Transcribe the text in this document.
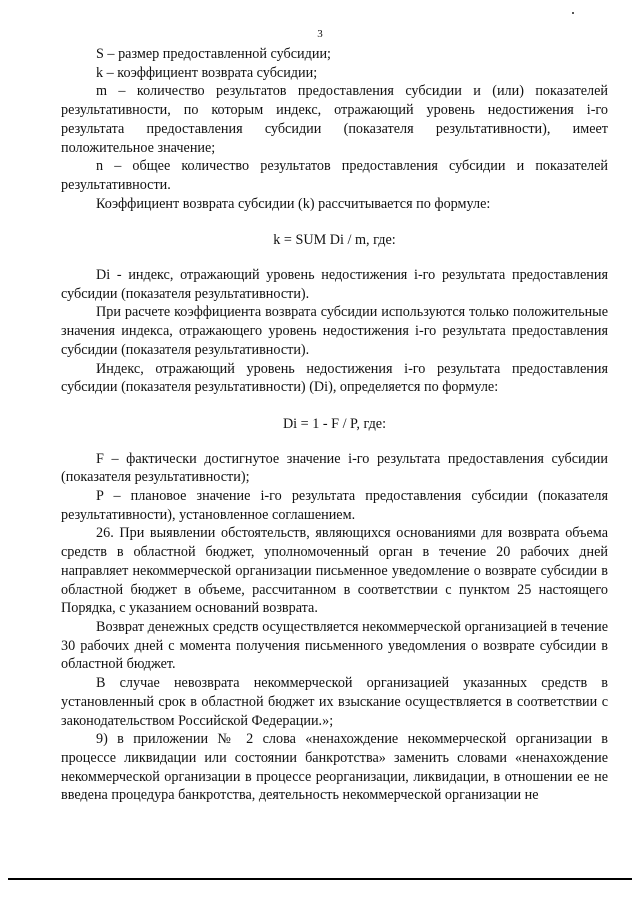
3

S – размер предоставленной субсидии;

k – коэффициент возврата субсидии;

m – количество результатов предоставления субсидии и (или) показателей результативности, по которым индекс, отражающий уровень недостижения i-го результата предоставления субсидии (показателя результативности), имеет положительное значение;

n – общее количество результатов предоставления субсидии и показателей результативности.

Коэффициент возврата субсидии (k) рассчитывается по формуле:

k = SUM Di / m, где:

Di - индекс, отражающий уровень недостижения i-го результата предоставления субсидии (показателя результативности).

При расчете коэффициента возврата субсидии используются только положительные значения индекса, отражающего уровень недостижения i-го результата предоставления субсидии (показателя результативности).

Индекс, отражающий уровень недостижения i-го результата предоставления субсидии (показателя результативности) (Di), определяется по формуле:

Di = 1 - F / P, где:

F – фактически достигнутое значение i-го результата предоставления субсидии (показателя результативности);

P – плановое значение i-го результата предоставления субсидии (показателя результативности), установленное соглашением.

26. При выявлении обстоятельств, являющихся основаниями для возврата объема средств в областной бюджет, уполномоченный орган в течение 20 рабочих дней направляет некоммерческой организации письменное уведомление о возврате субсидии в областной бюджет в объеме, рассчитанном в соответствии с пунктом 25 настоящего Порядка, с указанием оснований возврата.

Возврат денежных средств осуществляется некоммерческой организацией в течение 30 рабочих дней с момента получения письменного уведомления о возврате субсидии в областной бюджет.

В случае невозврата некоммерческой организацией указанных средств в установленный срок в областной бюджет их взыскание осуществляется в соответствии с законодательством Российской Федерации.»;

9) в приложении № 2 слова «ненахождение некоммерческой организации в процессе ликвидации или состоянии банкротства» заменить словами «ненахождение некоммерческой организации в процессе реорганизации, ликвидации, в отношении ее не введена процедура банкротства, деятельность некоммерческой организации не
